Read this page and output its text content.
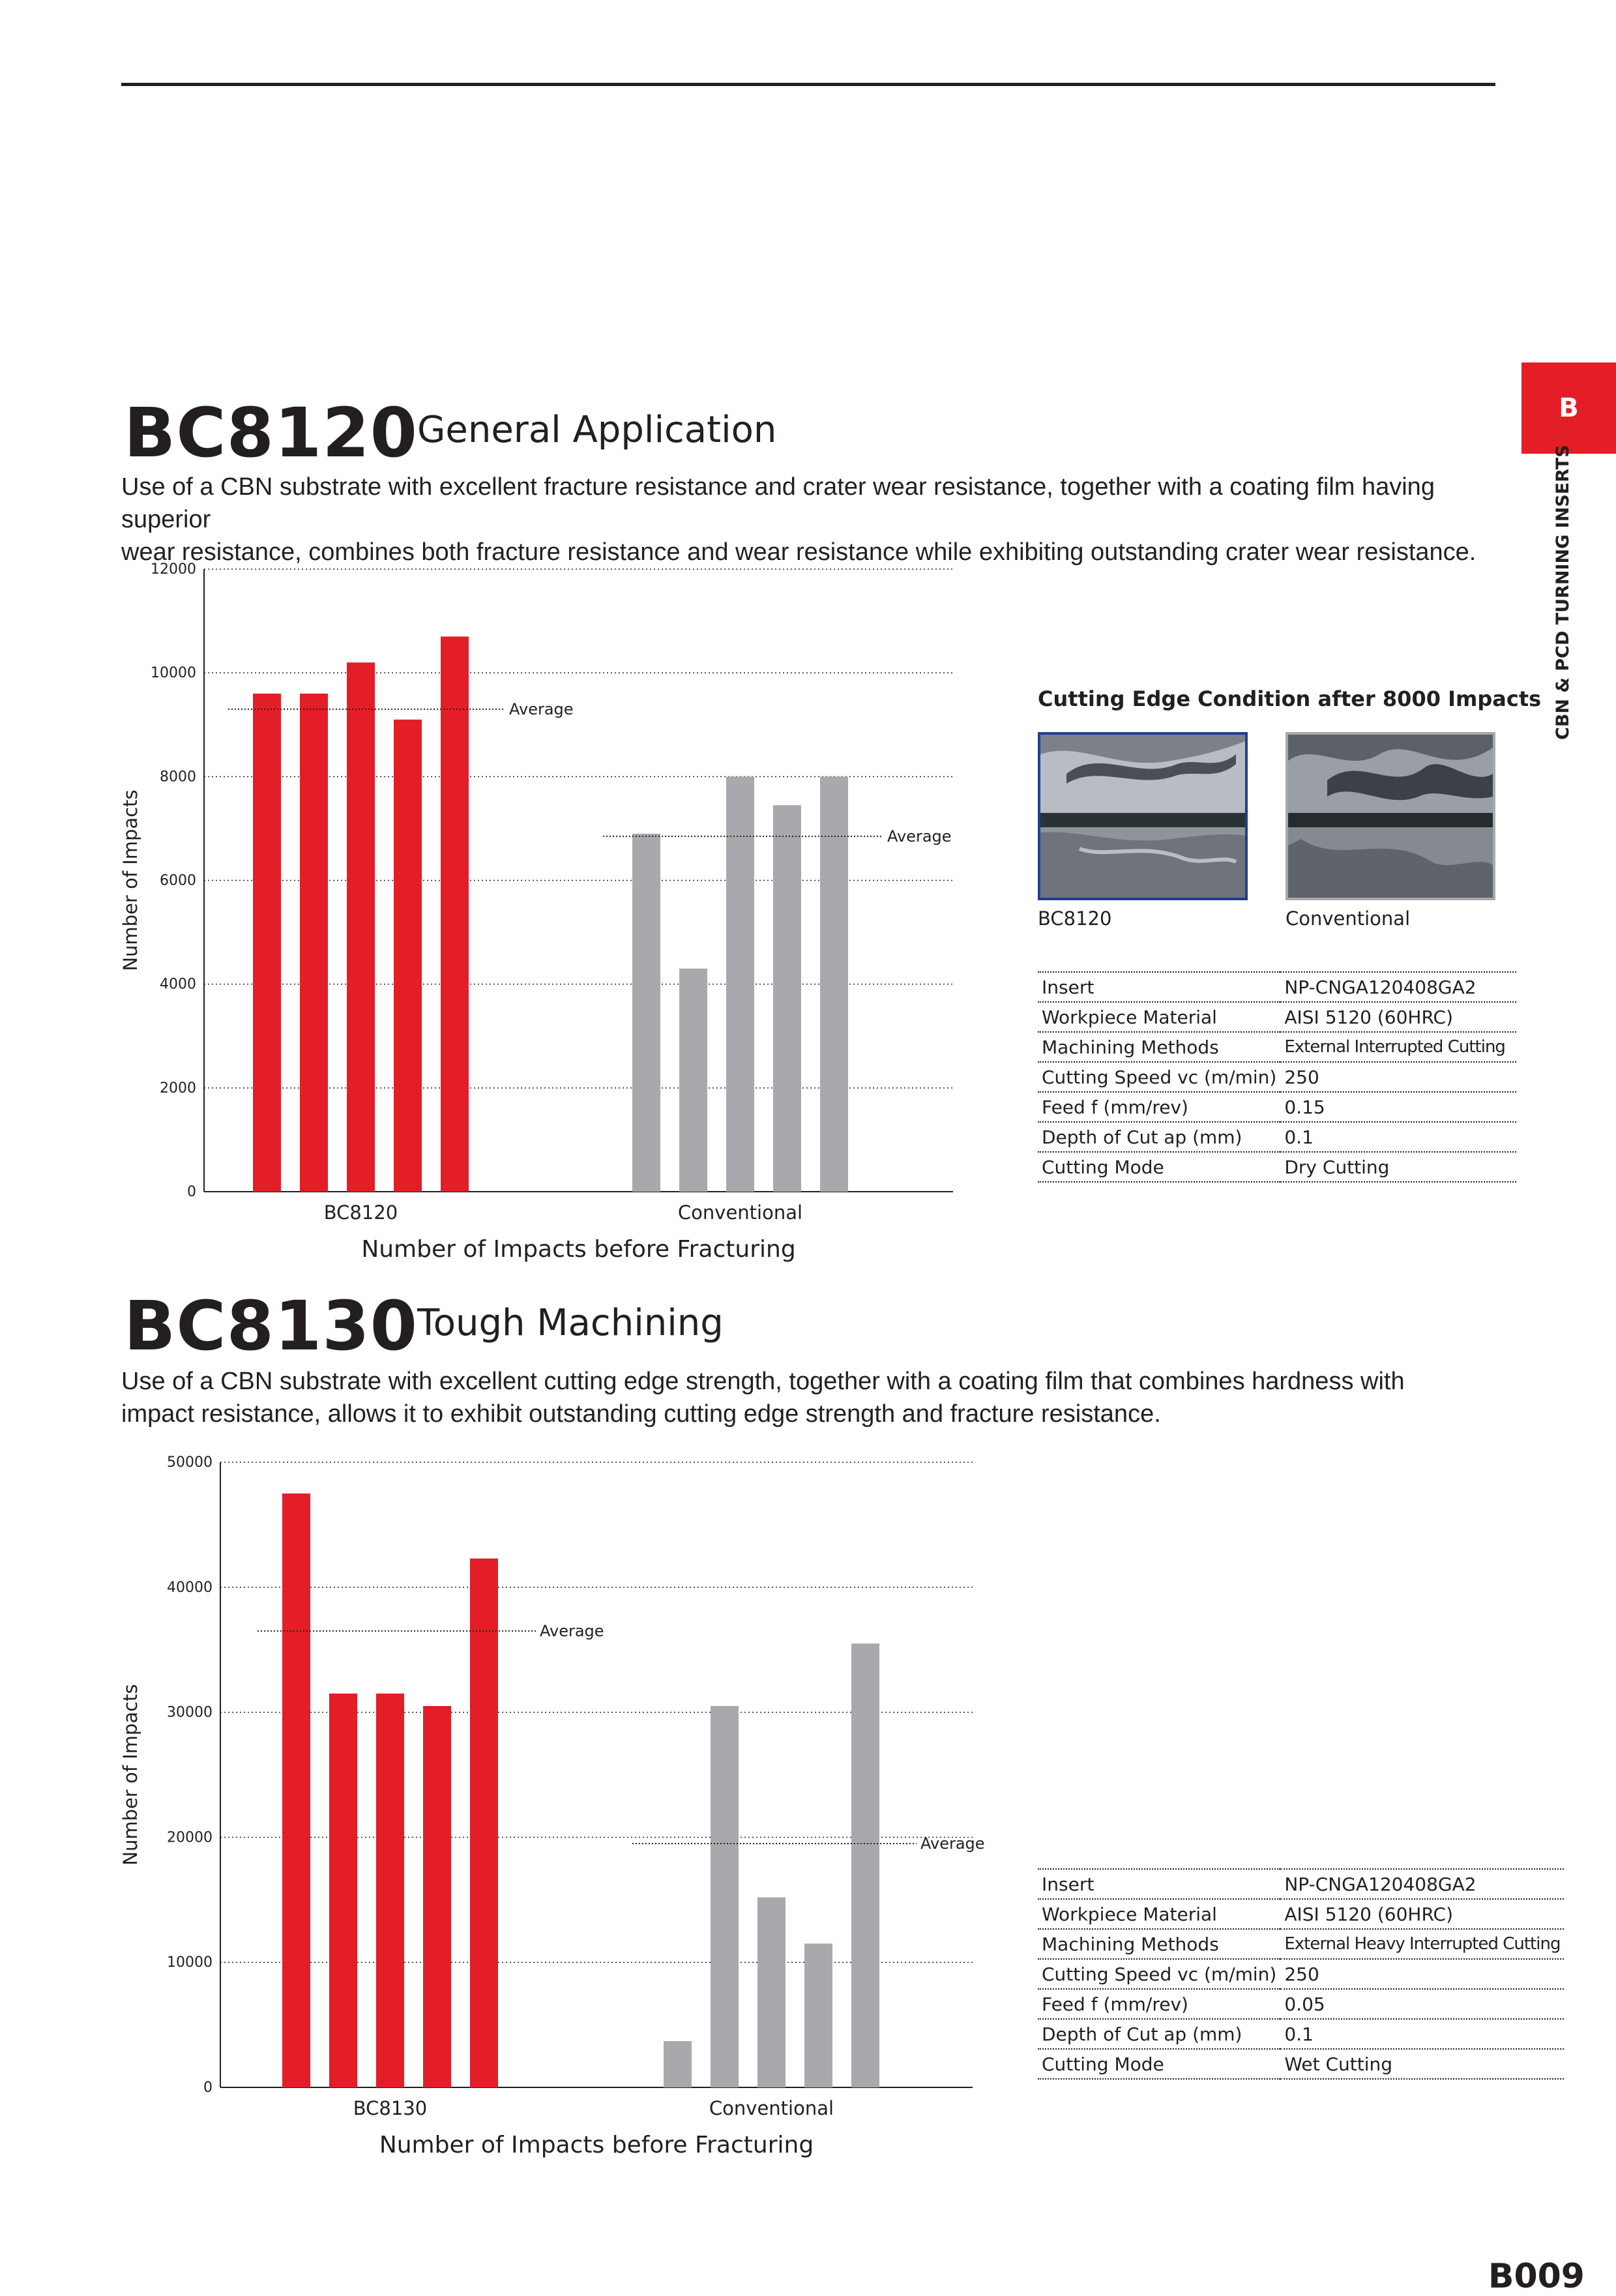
B
CBN & PCD TURNING INSERTS
BC8120
General Application
Use of a CBN substrate with excellent fracture resistance and crater wear resistance, together with a coating film having superior
wear resistance, combines both fracture resistance and wear resistance while exhibiting outstanding crater wear resistance.
0
2000
4000
6000
8000
10000
12000
Average
BC8120
Average
Conventional
Number of Impacts before Fracturing
Number of Impacts
Cutting Edge Condition after 8000 Impacts
BC8120	Conventional
Insert	NP-CNGA120408GA2
Workpiece Material	AISI 5120 (60HRC)
Machining Methods	External Interrupted Cutting
Cutting Speed vc (m/min)	250
Feed f (mm/rev)	0.15
Depth of Cut ap (mm)	0.1
Cutting Mode	Dry Cutting
BC8130
Tough Machining
Use of a CBN substrate with excellent cutting edge strength, together with a coating film that combines hardness with
impact resistance, allows it to exhibit outstanding cutting edge strength and fracture resistance.
0
10000
20000
30000
40000
50000
Average
BC8130
Average
Conventional
Number of Impacts before Fracturing
Number of Impacts
Insert	NP-CNGA120408GA2
Workpiece Material	AISI 5120 (60HRC)
Machining Methods	External Heavy Interrupted Cutting
Cutting Speed vc (m/min)	250
Feed f (mm/rev)	0.05
Depth of Cut ap (mm)	0.1
Cutting Mode	Wet Cutting
B009
